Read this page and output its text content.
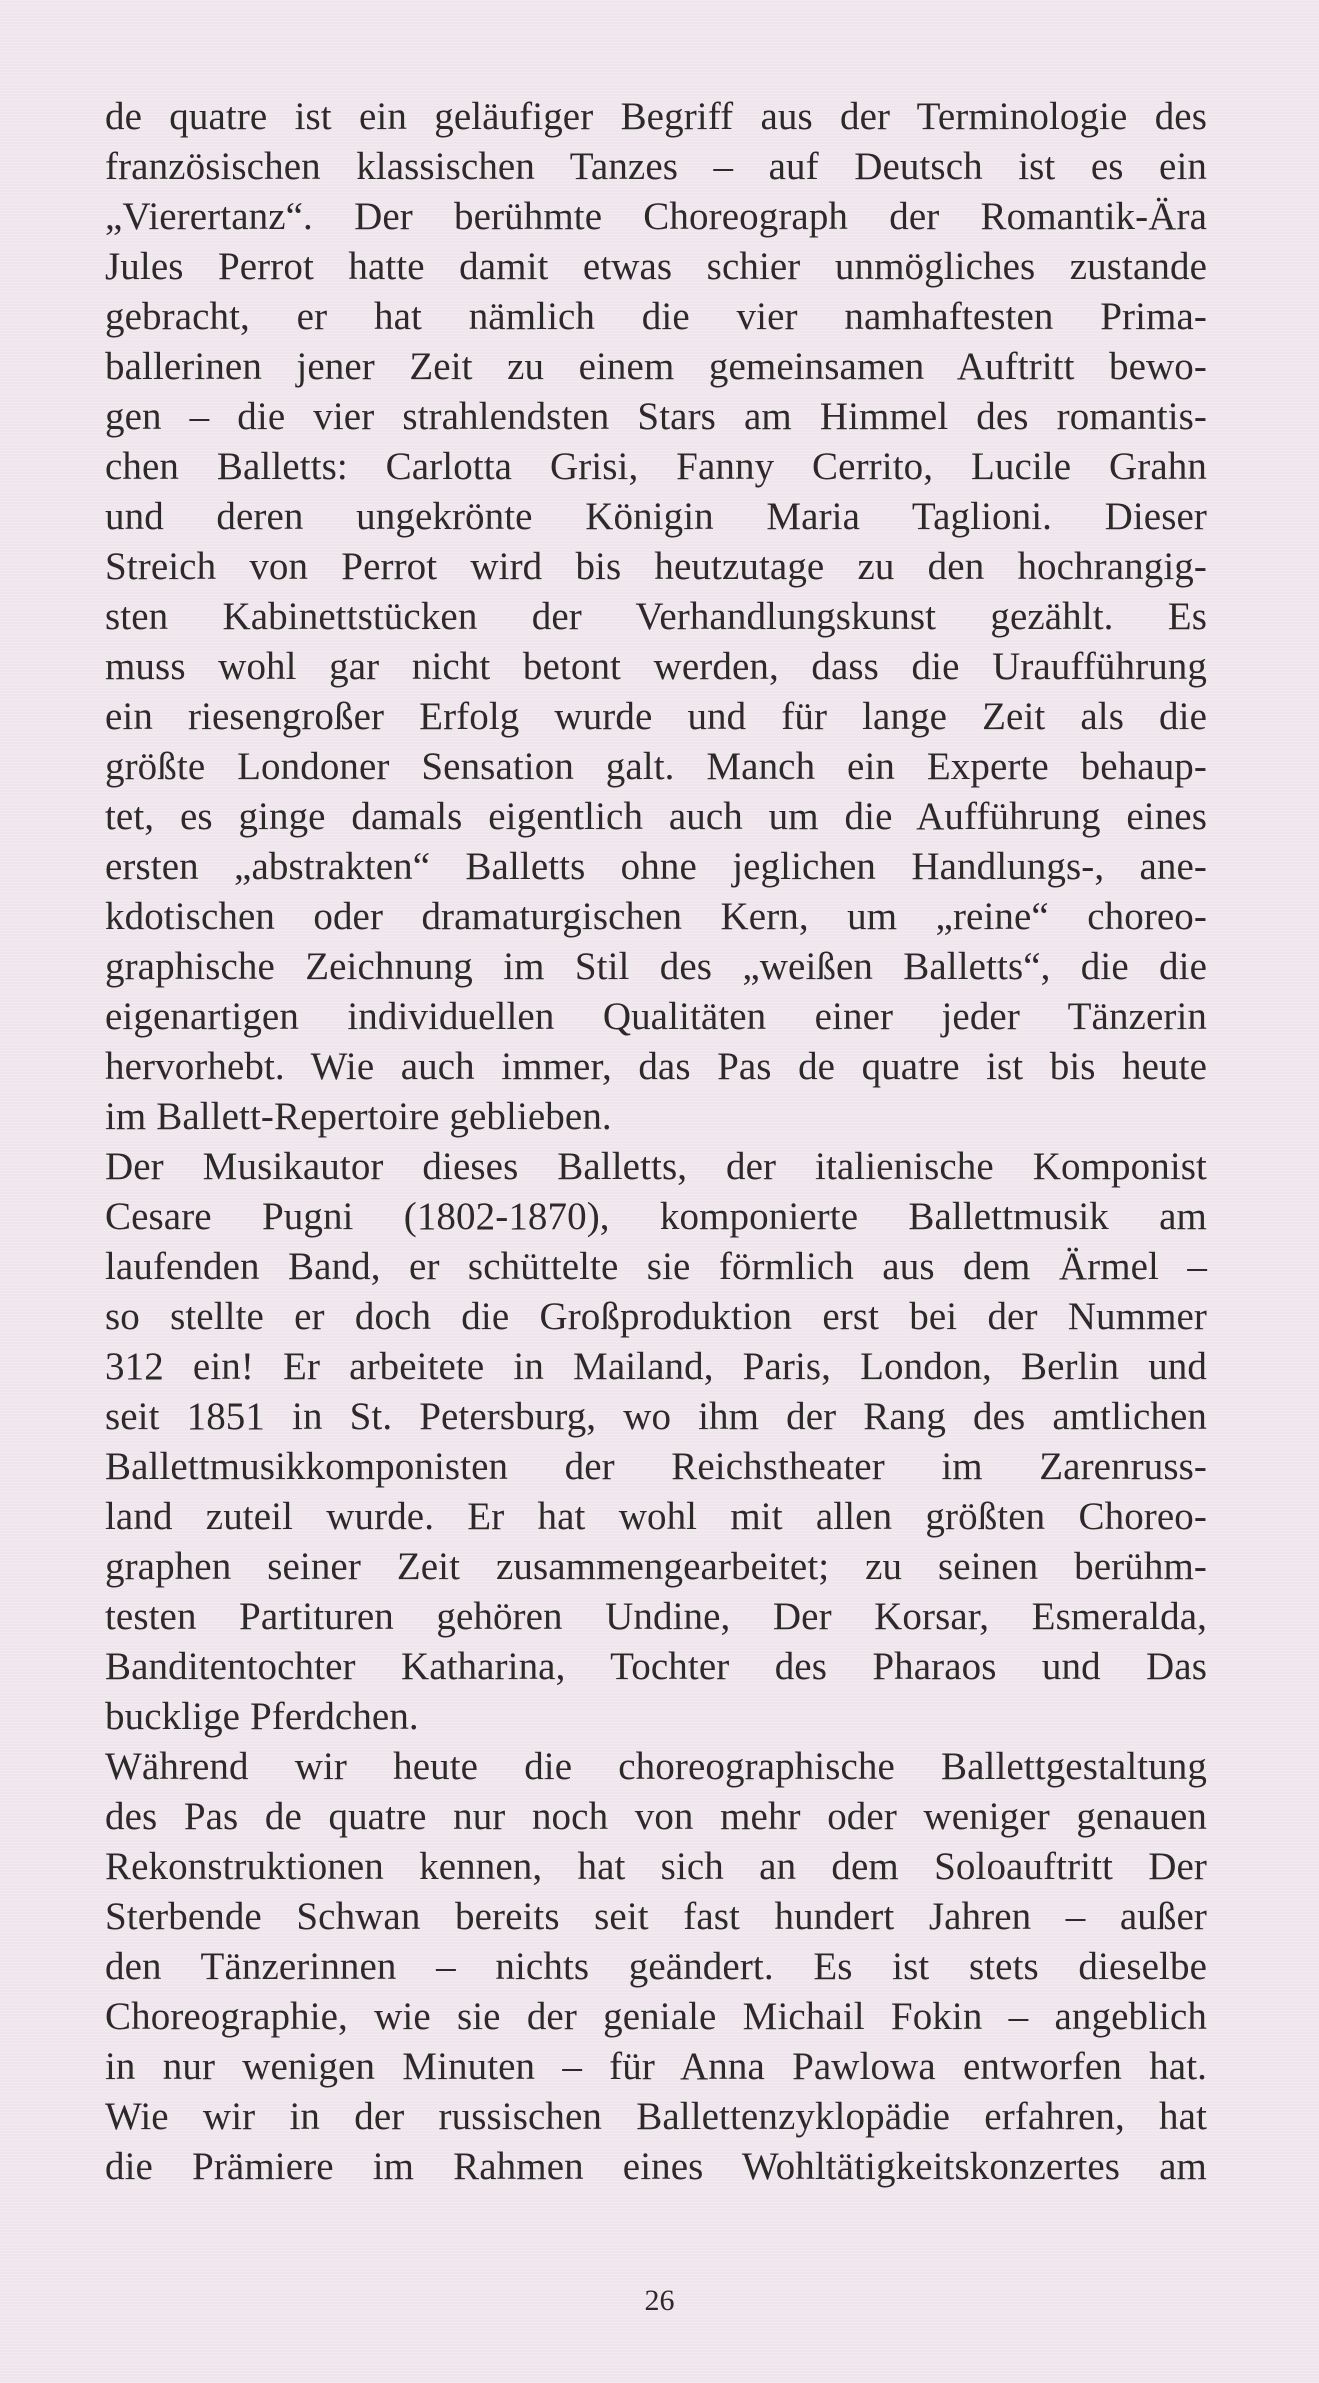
de quatre ist ein geläufiger Begriff aus der Terminologie des
französischen klassischen Tanzes – auf Deutsch ist es ein
„Vierertanz“. Der berühmte Choreograph der Romantik-Ära
Jules Perrot hatte damit etwas schier unmögliches zustande
gebracht, er hat nämlich die vier namhaftesten Prima-
ballerinen jener Zeit zu einem gemeinsamen Auftritt bewo-
gen – die vier strahlendsten Stars am Himmel des romantis-
chen Balletts: Carlotta Grisi, Fanny Cerrito, Lucile Grahn
und deren ungekrönte Königin Maria Taglioni. Dieser
Streich von Perrot wird bis heutzutage zu den hochrangig-
sten Kabinettstücken der Verhandlungskunst gezählt. Es
muss wohl gar nicht betont werden, dass die Uraufführung
ein riesengroßer Erfolg wurde und für lange Zeit als die
größte Londoner Sensation galt. Manch ein Experte behaup-
tet, es ginge damals eigentlich auch um die Aufführung eines
ersten „abstrakten“ Balletts ohne jeglichen Handlungs-, ane-
kdotischen oder dramaturgischen Kern, um „reine“ choreo-
graphische Zeichnung im Stil des „weißen Balletts“, die die
eigenartigen individuellen Qualitäten einer jeder Tänzerin
hervorhebt. Wie auch immer, das Pas de quatre ist bis heute
im Ballett-Repertoire geblieben.
Der Musikautor dieses Balletts, der italienische Komponist
Cesare Pugni (1802-1870), komponierte Ballettmusik am
laufenden Band, er schüttelte sie förmlich aus dem Ärmel –
so stellte er doch die Großproduktion erst bei der Nummer
312 ein! Er arbeitete in Mailand, Paris, London, Berlin und
seit 1851 in St. Petersburg, wo ihm der Rang des amtlichen
Ballettmusikkomponisten der Reichstheater im Zarenruss-
land zuteil wurde. Er hat wohl mit allen größten Choreo-
graphen seiner Zeit zusammengearbeitet; zu seinen berühm-
testen Partituren gehören Undine, Der Korsar, Esmeralda,
Banditentochter Katharina, Tochter des Pharaos und Das
bucklige Pferdchen.
Während wir heute die choreographische Ballettgestaltung
des Pas de quatre nur noch von mehr oder weniger genauen
Rekonstruktionen kennen, hat sich an dem Soloauftritt Der
Sterbende Schwan bereits seit fast hundert Jahren – außer
den Tänzerinnen – nichts geändert. Es ist stets dieselbe
Choreographie, wie sie der geniale Michail Fokin – angeblich
in nur wenigen Minuten – für Anna Pawlowa entworfen hat.
Wie wir in der russischen Ballettenzyklopädie erfahren, hat
die Prämiere im Rahmen eines Wohltätigkeitskonzertes am
26
